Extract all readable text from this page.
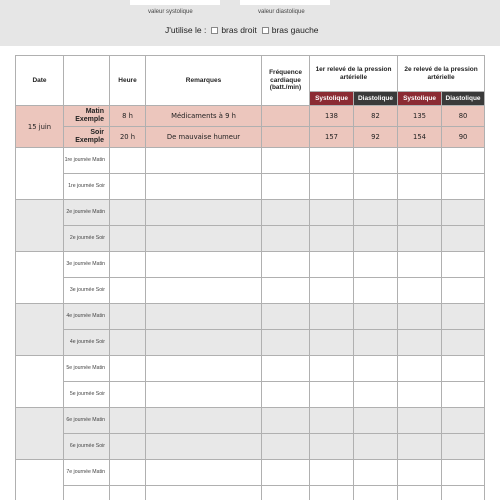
valeur systolique	valeur diastolique
J'utilise le : bras droit bras gauche
Date		Heure	Remarques	Fréquence cardiaque (batt./min)	1er relevé de la pression artérielle		2e relevé de la pression artérielle	
					Systolique	Diastolique	Systolique	Diastolique
15 juin	Matin Exemple	8 h	Médicaments à 9 h		138	82	135	80
	Soir Exemple	20 h	De mauvaise humeur		157	92	154	90
	1re journée Matin							
	1re journée Soir							
	2e journée Matin							
	2e journée Soir							
	3e journée Matin							
	3e journée Soir							
	4e journée Matin							
	4e journée Soir							
	5e journée Matin							
	5e journée Soir							
	6e journée Matin							
	6e journée Soir							
	7e journée Matin							
